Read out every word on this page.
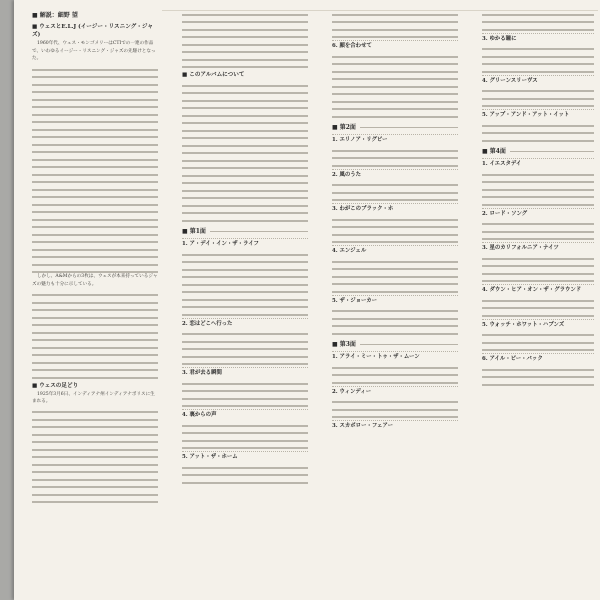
■ 解説：細野 望
■ ウェスとE.L.J (イージー・リスニング・ジャズ)

1960年代、ウェス・モンゴメリーはCTIでの一連の作品で、いわゆるイージー・リスニング・ジャズの先駆けとなった。

しかし、A&Mからの3枚は、ウェスが本来持っているジャズの魅力も十分に示している。

■ ウェスの足どり

1925年3月6日、インディアナ州インディアナポリスに生まれる。

■ このアルバムについて
■ 第1面
1. ア・デイ・イン・ザ・ライフ
2. 恋はどこへ行った
3. 君が去る瞬間
4. 裏からの声
5. アット・ザ・ホーム
6. 顔を合わせて
■ 第2面
1. エリノア・リグビー
2. 風のうた
3. わがこのブラック・ホ
4. エンジェル
5. ザ・ジョーカー
■ 第3面
1. アライ・ミー・トゥ・ザ・ムーン
2. ウィンディー
3. スカボロー・フェアー
3. ゆかる瞳に
4. グリーンスリーヴス
5. アップ・アンド・アット・イット
■ 第4面
1. イエスタデイ
2. ロード・ソング
3. 星のカリフォルニア・ナイツ
4. ダウン・ヒア・オン・ザ・グラウンド
5. ウォッチ・ホワット・ハプンズ
6. アイル・ビー・バック
